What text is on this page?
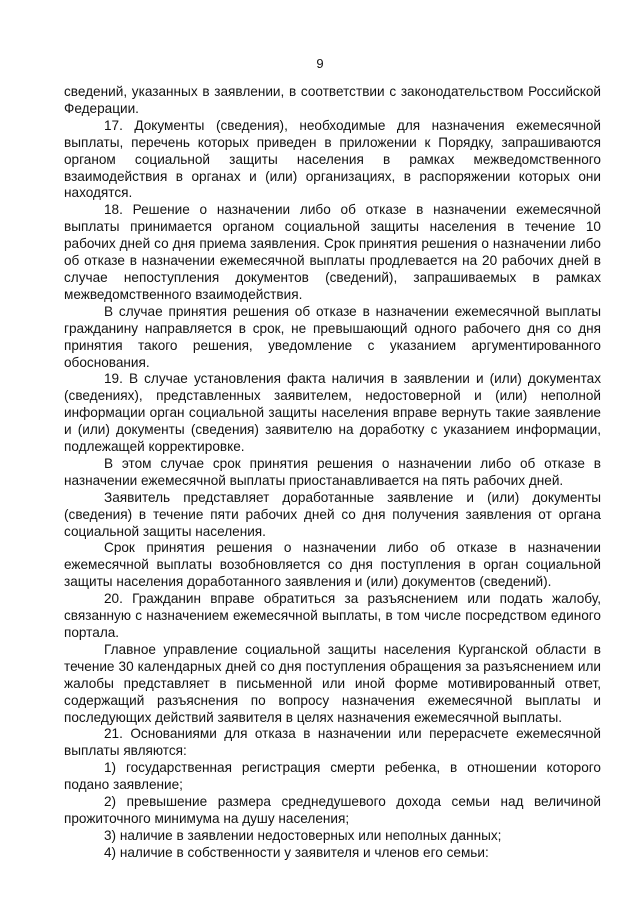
9

сведений, указанных в заявлении, в соответствии с законодательством Российской Федерации.

17. Документы (сведения), необходимые для назначения ежемесячной выплаты, перечень которых приведен в приложении к Порядку, запрашиваются органом социальной защиты населения в рамках межведомственного взаимодействия в органах и (или) организациях, в распоряжении которых они находятся.

18. Решение о назначении либо об отказе в назначении ежемесячной выплаты принимается органом социальной защиты населения в течение 10 рабочих дней со дня приема заявления. Срок принятия решения о назначении либо об отказе в назначении ежемесячной выплаты продлевается на 20 рабочих дней в случае непоступления документов (сведений), запрашиваемых в рамках межведомственного взаимодействия.

В случае принятия решения об отказе в назначении ежемесячной выплаты гражданину направляется в срок, не превышающий одного рабочего дня со дня принятия такого решения, уведомление с указанием аргументированного обоснования.

19. В случае установления факта наличия в заявлении и (или) документах (сведениях), представленных заявителем, недостоверной и (или) неполной информации орган социальной защиты населения вправе вернуть такие заявление и (или) документы (сведения) заявителю на доработку с указанием информации, подлежащей корректировке.

В этом случае срок принятия решения о назначении либо об отказе в назначении ежемесячной выплаты приостанавливается на пять рабочих дней.

Заявитель представляет доработанные заявление и (или) документы (сведения) в течение пяти рабочих дней со дня получения заявления от органа социальной защиты населения.

Срок принятия решения о назначении либо об отказе в назначении ежемесячной выплаты возобновляется со дня поступления в орган социальной защиты населения доработанного заявления и (или) документов (сведений).

20. Гражданин вправе обратиться за разъяснением или подать жалобу, связанную с назначением ежемесячной выплаты, в том числе посредством единого портала.

Главное управление социальной защиты населения Курганской области в течение 30 календарных дней со дня поступления обращения за разъяснением или жалобы представляет в письменной или иной форме мотивированный ответ, содержащий разъяснения по вопросу назначения ежемесячной выплаты и последующих действий заявителя в целях назначения ежемесячной выплаты.

21. Основаниями для отказа в назначении или перерасчете ежемесячной выплаты являются:

1) государственная регистрация смерти ребенка, в отношении которого подано заявление;

2) превышение размера среднедушевого дохода семьи над величиной прожиточного минимума на душу населения;

3) наличие в заявлении недостоверных или неполных данных;

4) наличие в собственности у заявителя и членов его семьи:
